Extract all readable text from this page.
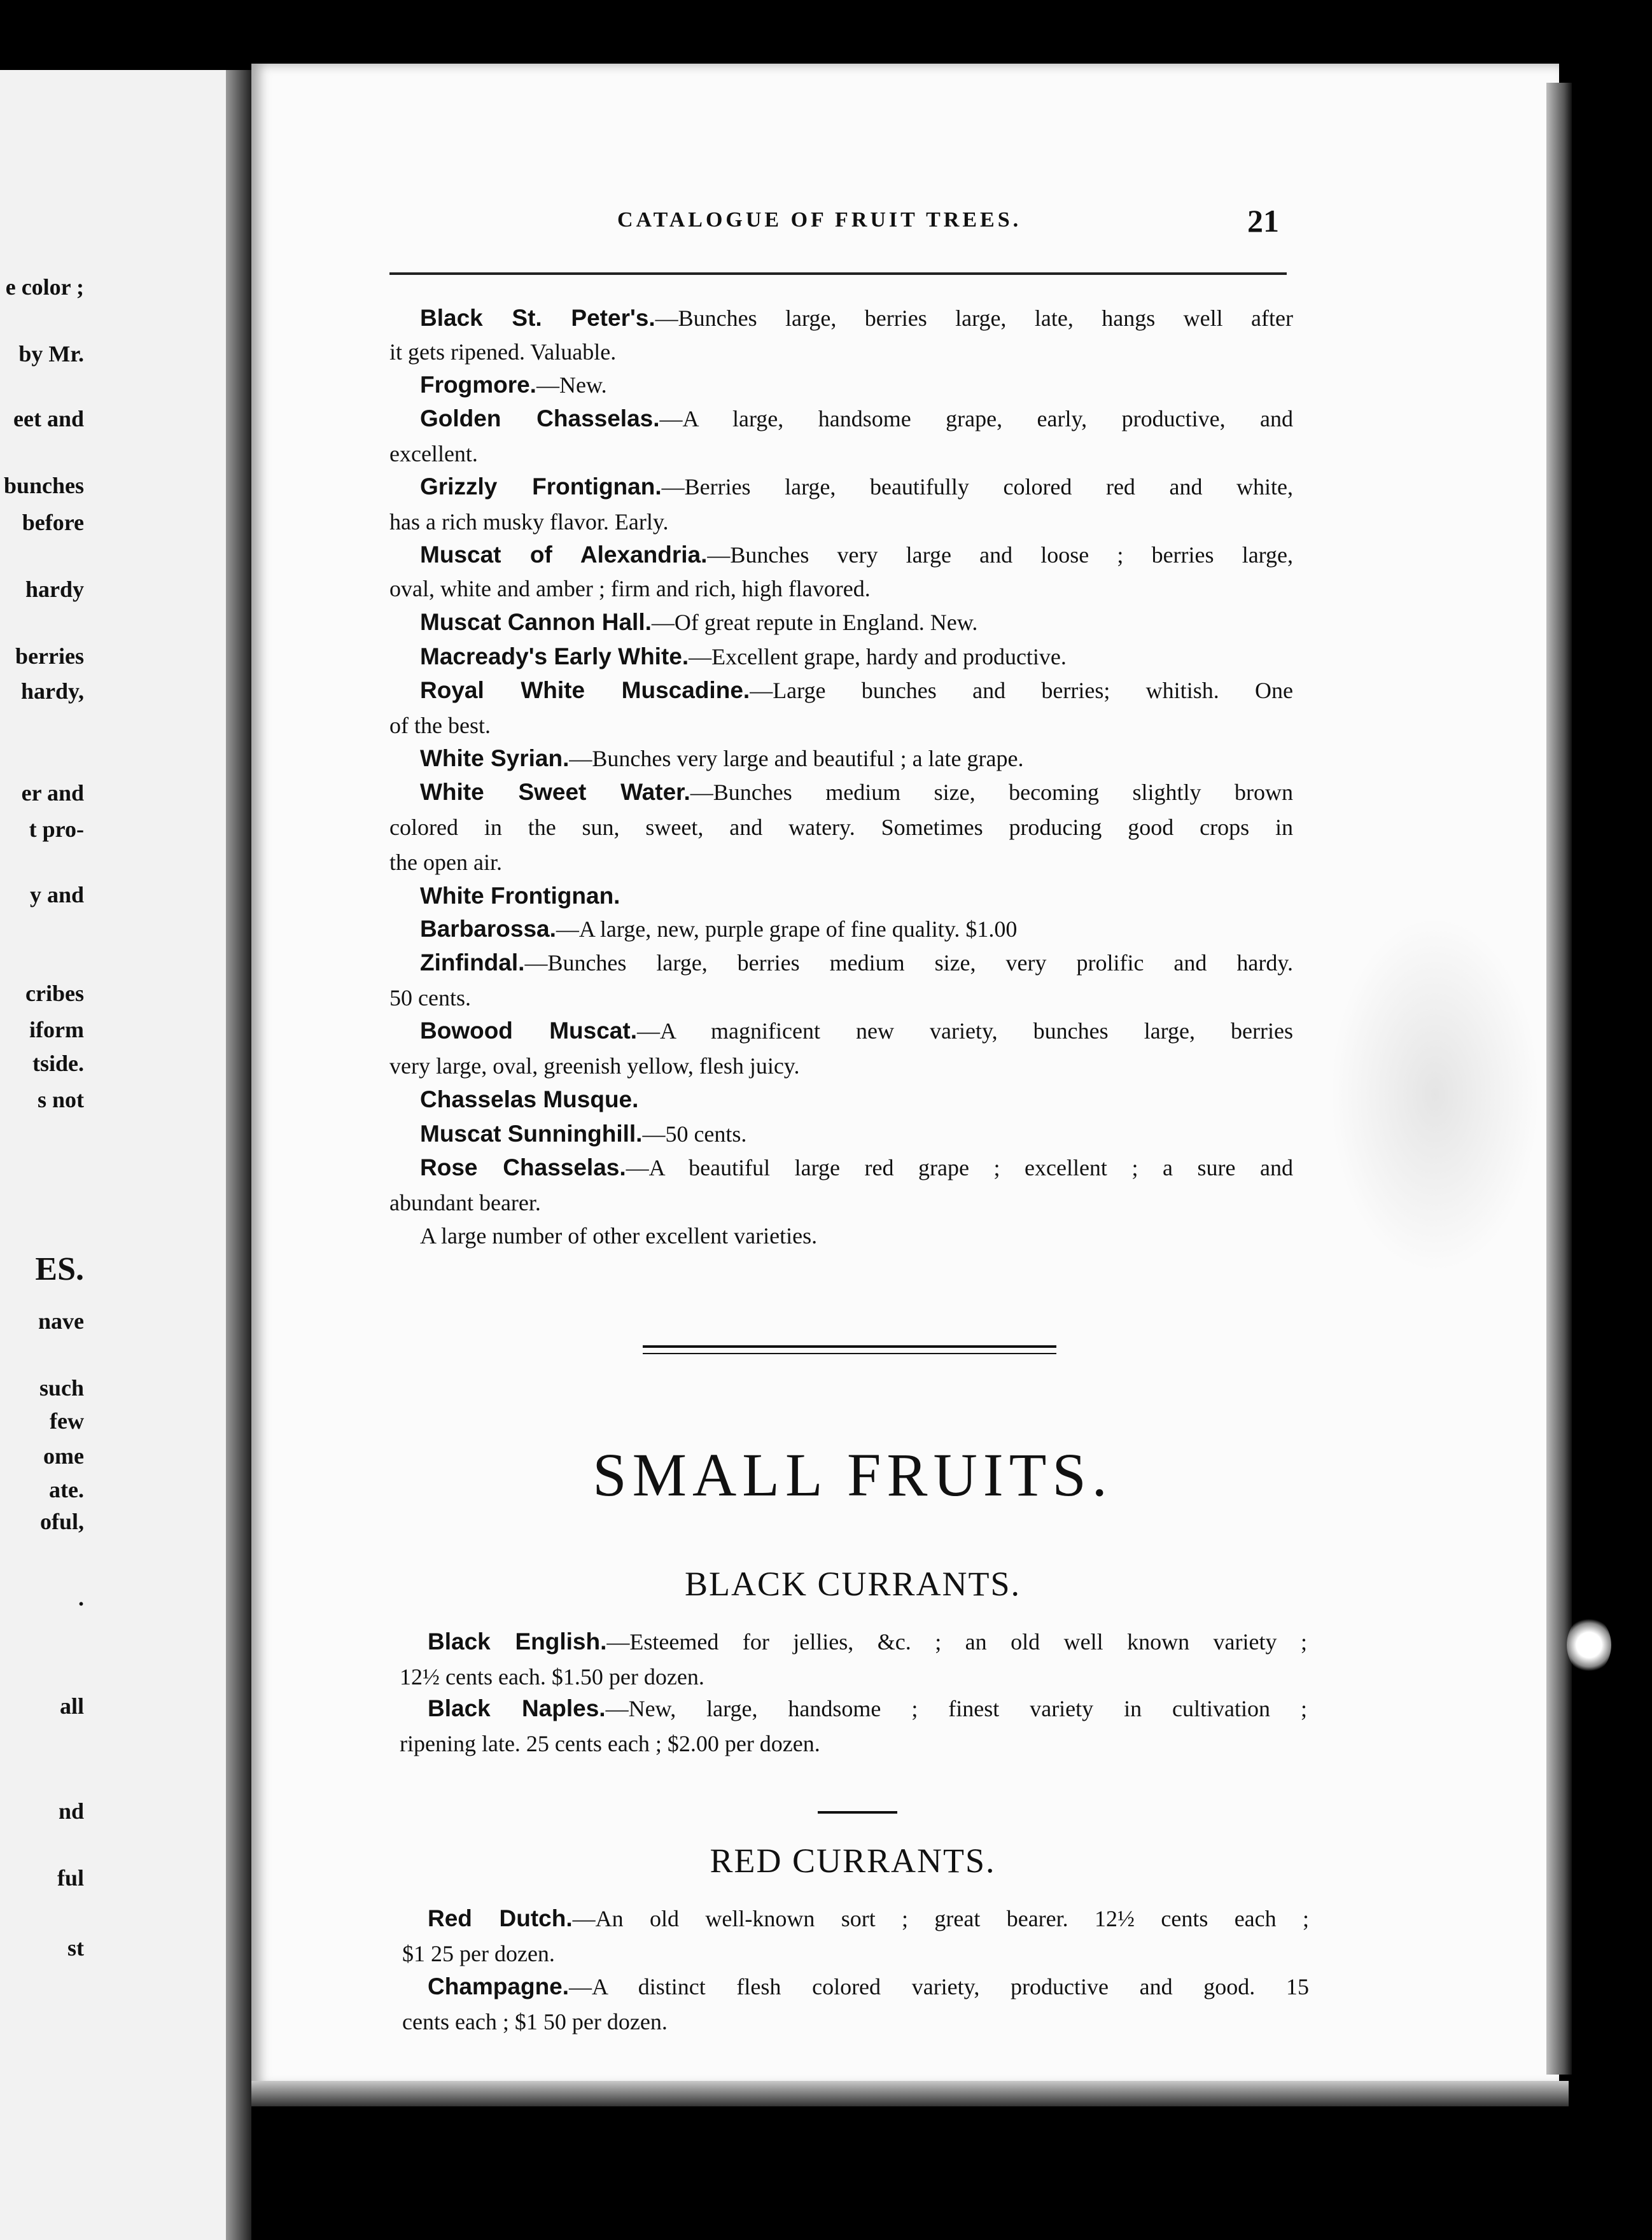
e color ;
by Mr.
eet and
bunches
before
hardy
berries
hardy,
er and
t pro-
y and
cribes
iform
tside.
s not
ES.
nave
such
few
ome
ate.
oful,
.
all
nd
ful
st
CATALOGUE OF FRUIT TREES.	21
Black St. Peter's.—Bunches large, berries large, late, hangs well after
it gets ripened. Valuable.
Frogmore.—New.
Golden Chasselas.—A large, handsome grape, early, productive, and
excellent.
Grizzly Frontignan.—Berries large, beautifully colored red and white,
has a rich musky flavor. Early.
Muscat of Alexandria.—Bunches very large and loose ; berries large,
oval, white and amber ; firm and rich, high flavored.
Muscat Cannon Hall.—Of great repute in England. New.
Macready's Early White.—Excellent grape, hardy and productive.
Royal White Muscadine.—Large bunches and berries; whitish. One
of the best.
White Syrian.—Bunches very large and beautiful ; a late grape.
White Sweet Water.—Bunches medium size, becoming slightly brown
colored in the sun, sweet, and watery. Sometimes producing good crops in
the open air.
White Frontignan.
Barbarossa.—A large, new, purple grape of fine quality. $1.00
Zinfindal.—Bunches large, berries medium size, very prolific and hardy.
50 cents.
Bowood Muscat.—A magnificent new variety, bunches large, berries
very large, oval, greenish yellow, flesh juicy.
Chasselas Musque.
Muscat Sunninghill.—50 cents.
Rose Chasselas.—A beautiful large red grape ; excellent ; a sure and
abundant bearer.
A large number of other excellent varieties.
SMALL FRUITS.
BLACK CURRANTS.
Black English.—Esteemed for jellies, &c. ; an old well known variety ;
12½ cents each. $1.50 per dozen.
Black Naples.—New, large, handsome ; finest variety in cultivation ;
ripening late. 25 cents each ; $2.00 per dozen.
RED CURRANTS.
Red Dutch.—An old well-known sort ; great bearer. 12½ cents each ;
$1 25 per dozen.
Champagne.—A distinct flesh colored variety, productive and good. 15
cents each ; $1 50 per dozen.
